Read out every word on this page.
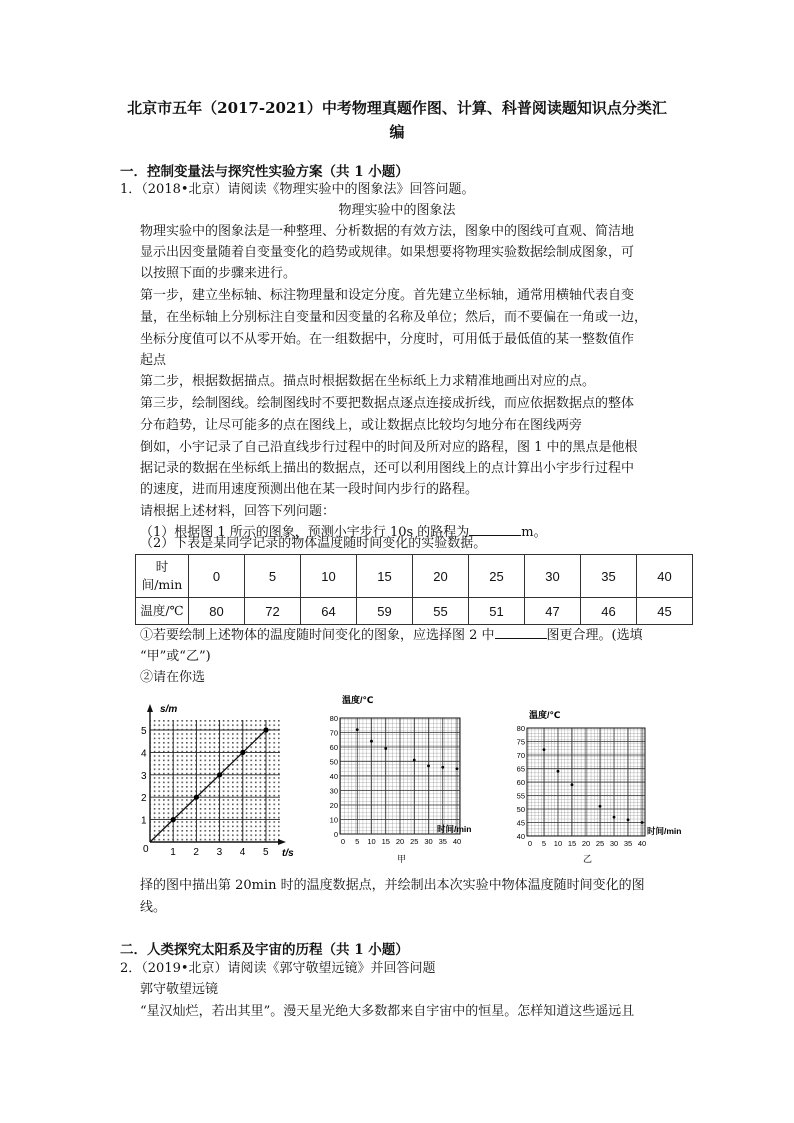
北京市五年（2017-2021）中考物理真题作图、计算、科普阅读题知识点分类汇
编
一．控制变量法与探究性实验方案（共 1 小题）
1．（2018•北京）请阅读《物理实验中的图象法》回答问题。
物理实验中的图象法
物理实验中的图象法是一种整理、分析数据的有效方法，图象中的图线可直观、简洁地
显示出因变量随着自变量变化的趋势或规律。如果想要将物理实验数据绘制成图象，可
以按照下面的步骤来进行。
第一步，建立坐标轴、标注物理量和设定分度。首先建立坐标轴，通常用横轴代表自变
量，在坐标轴上分别标注自变量和因变量的名称及单位；然后，而不要偏在一角或一边，
坐标分度值可以不从零开始。在一组数据中，分度时，可用低于最低值的某一整数值作
起点
第二步，根据数据描点。描点时根据数据在坐标纸上力求精准地画出对应的点。
第三步，绘制图线。绘制图线时不要把数据点逐点连接成折线，而应依据数据点的整体
分布趋势，让尽可能多的点在图线上，或让数据点比较均匀地分布在图线两旁
倒如，小宇记录了自己沿直线步行过程中的时间及所对应的路程，图 1 中的黑点是他根
据记录的数据在坐标纸上描出的数据点，还可以利用图线上的点计算出小宇步行过程中
的速度，进而用速度预测出他在某一段时间内步行的路程。
请根据上述材料，回答下列问题：
（1）根据图 1 所示的图象，预测小宇步行 10s 的路程为	m。
（2）下表是某同学记录的物体温度随时间变化的实验数据。
时间/min	0	5	10	15	20	25	30	35	40
温度/℃	80	72	64	59	55	51	47	46	45
①若要绘制上述物体的温度随时间变化的图象，应选择图 2 中	图更合理。(选填
“甲”或“乙”)
②请在你选
1 2 3 4 5
1
2
3
4
5
s/m
t/s
0
80
70
60
50
40
30
20
10
0
0 5 10 15 20 25 30 35 40
温度/℃
时间/min
甲
80
75
70
65
60
55
50
45
40
0 5 10 15 20 25 30 35 40
温度/℃
时间/min
乙
择的图中描出第 20min 时的温度数据点，并绘制出本次实验中物体温度随时间变化的图
线。
二．人类探究太阳系及宇宙的历程（共 1 小题）
2．（2019•北京）请阅读《郭守敬望远镜》并回答问题
郭守敬望远镜
“星汉灿烂，若出其里”。漫天星光绝大多数都来自宇宙中的恒星。怎样知道这些遥远且
